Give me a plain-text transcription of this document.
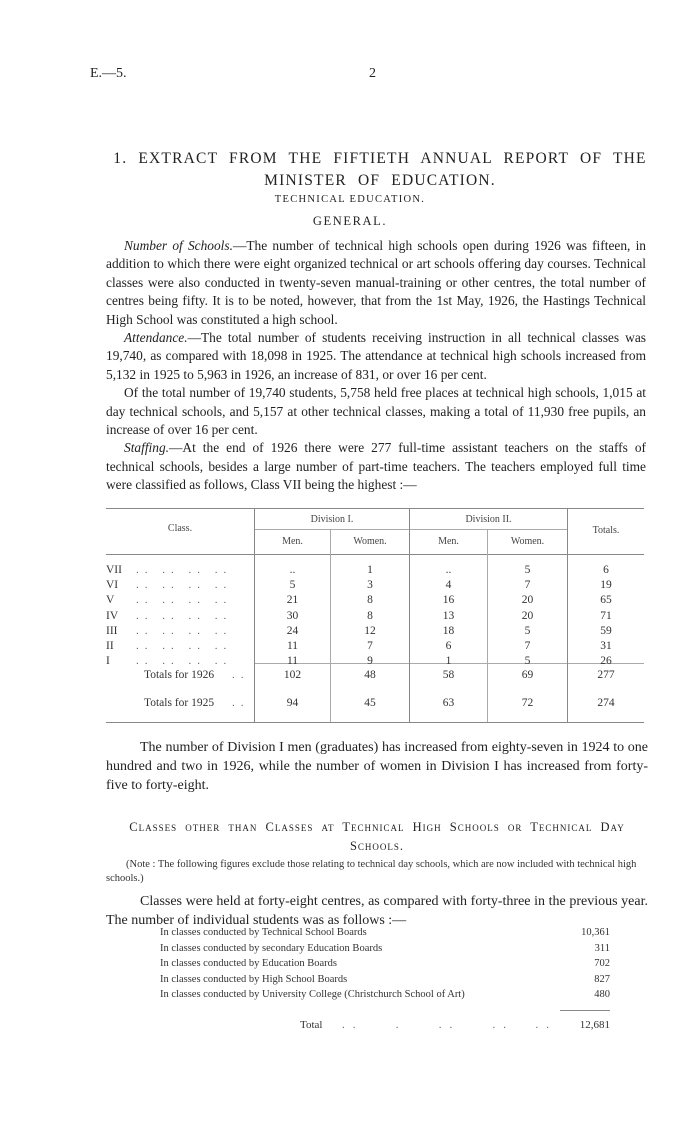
E.—5.	2
1. EXTRACT FROM THE FIFTIETH ANNUAL REPORT OF THE
MINISTER OF EDUCATION.
TECHNICAL EDUCATION.
GENERAL.

Number of Schools.—The number of technical high schools open during 1926 was fifteen, in addition to which there were eight organized technical or art schools offering day courses. Technical classes were also conducted in twenty-seven manual-training or other centres, the total number of centres being fifty. It is to be noted, however, that from the 1st May, 1926, the Hastings Technical High School was constituted a high school.

Attendance.—The total number of students receiving instruction in all technical classes was 19,740, as compared with 18,098 in 1925. The attendance at technical high schools increased from 5,132 in 1925 to 5,963 in 1926, an increase of 831, or over 16 per cent.

Of the total number of 19,740 students, 5,758 held free places at technical high schools, 1,015 at day technical schools, and 5,157 at other technical classes, making a total of 11,930 free pupils, an increase of over 16 per cent.

Staffing.—At the end of 1926 there were 277 full-time assistant teachers on the staffs of technical schools, besides a large number of part-time teachers. The teachers employed full time were classified as follows, Class VII being the highest :—

Class.
Division I.	Division II.
Men.	Women.	Men.	Women.
Totals.
VII .. .. .. ..	..	1	..	5	6
VI .. .. .. ..	5	3	4	7	19
V .. .. .. ..	21	8	16	20	65
IV .. .. .. ..	30	8	13	20	71
III .. .. .. ..	24	12	18	5	59
II .. .. .. ..	11	7	6	7	31
I .. .. .. ..	11	9	1	5	26
Totals for 1926 ..	102	48	58	69	277
Totals for 1925 ..	94	45	63	72	274

The number of Division I men (graduates) has increased from eighty-seven in 1924 to one hundred and two in 1926, while the number of women in Division I has increased from forty-five to forty-eight.

Classes other than Classes at Technical High Schools or Technical Day
Schools.

(Note : The following figures exclude those relating to technical day schools, which are now included with technical high schools.)

Classes were held at forty-eight centres, as compared with forty-three in the previous year. The number of individual students was as follows :—

In classes conducted by Technical School Boards	10,361
In classes conducted by secondary Education Boards	311
In classes conducted by Education Boards	702
In classes conducted by High School Boards	827
In classes conducted by University College (Christchurch School of Art)	480
Total ..   .   ..   ..  .. 12,681
